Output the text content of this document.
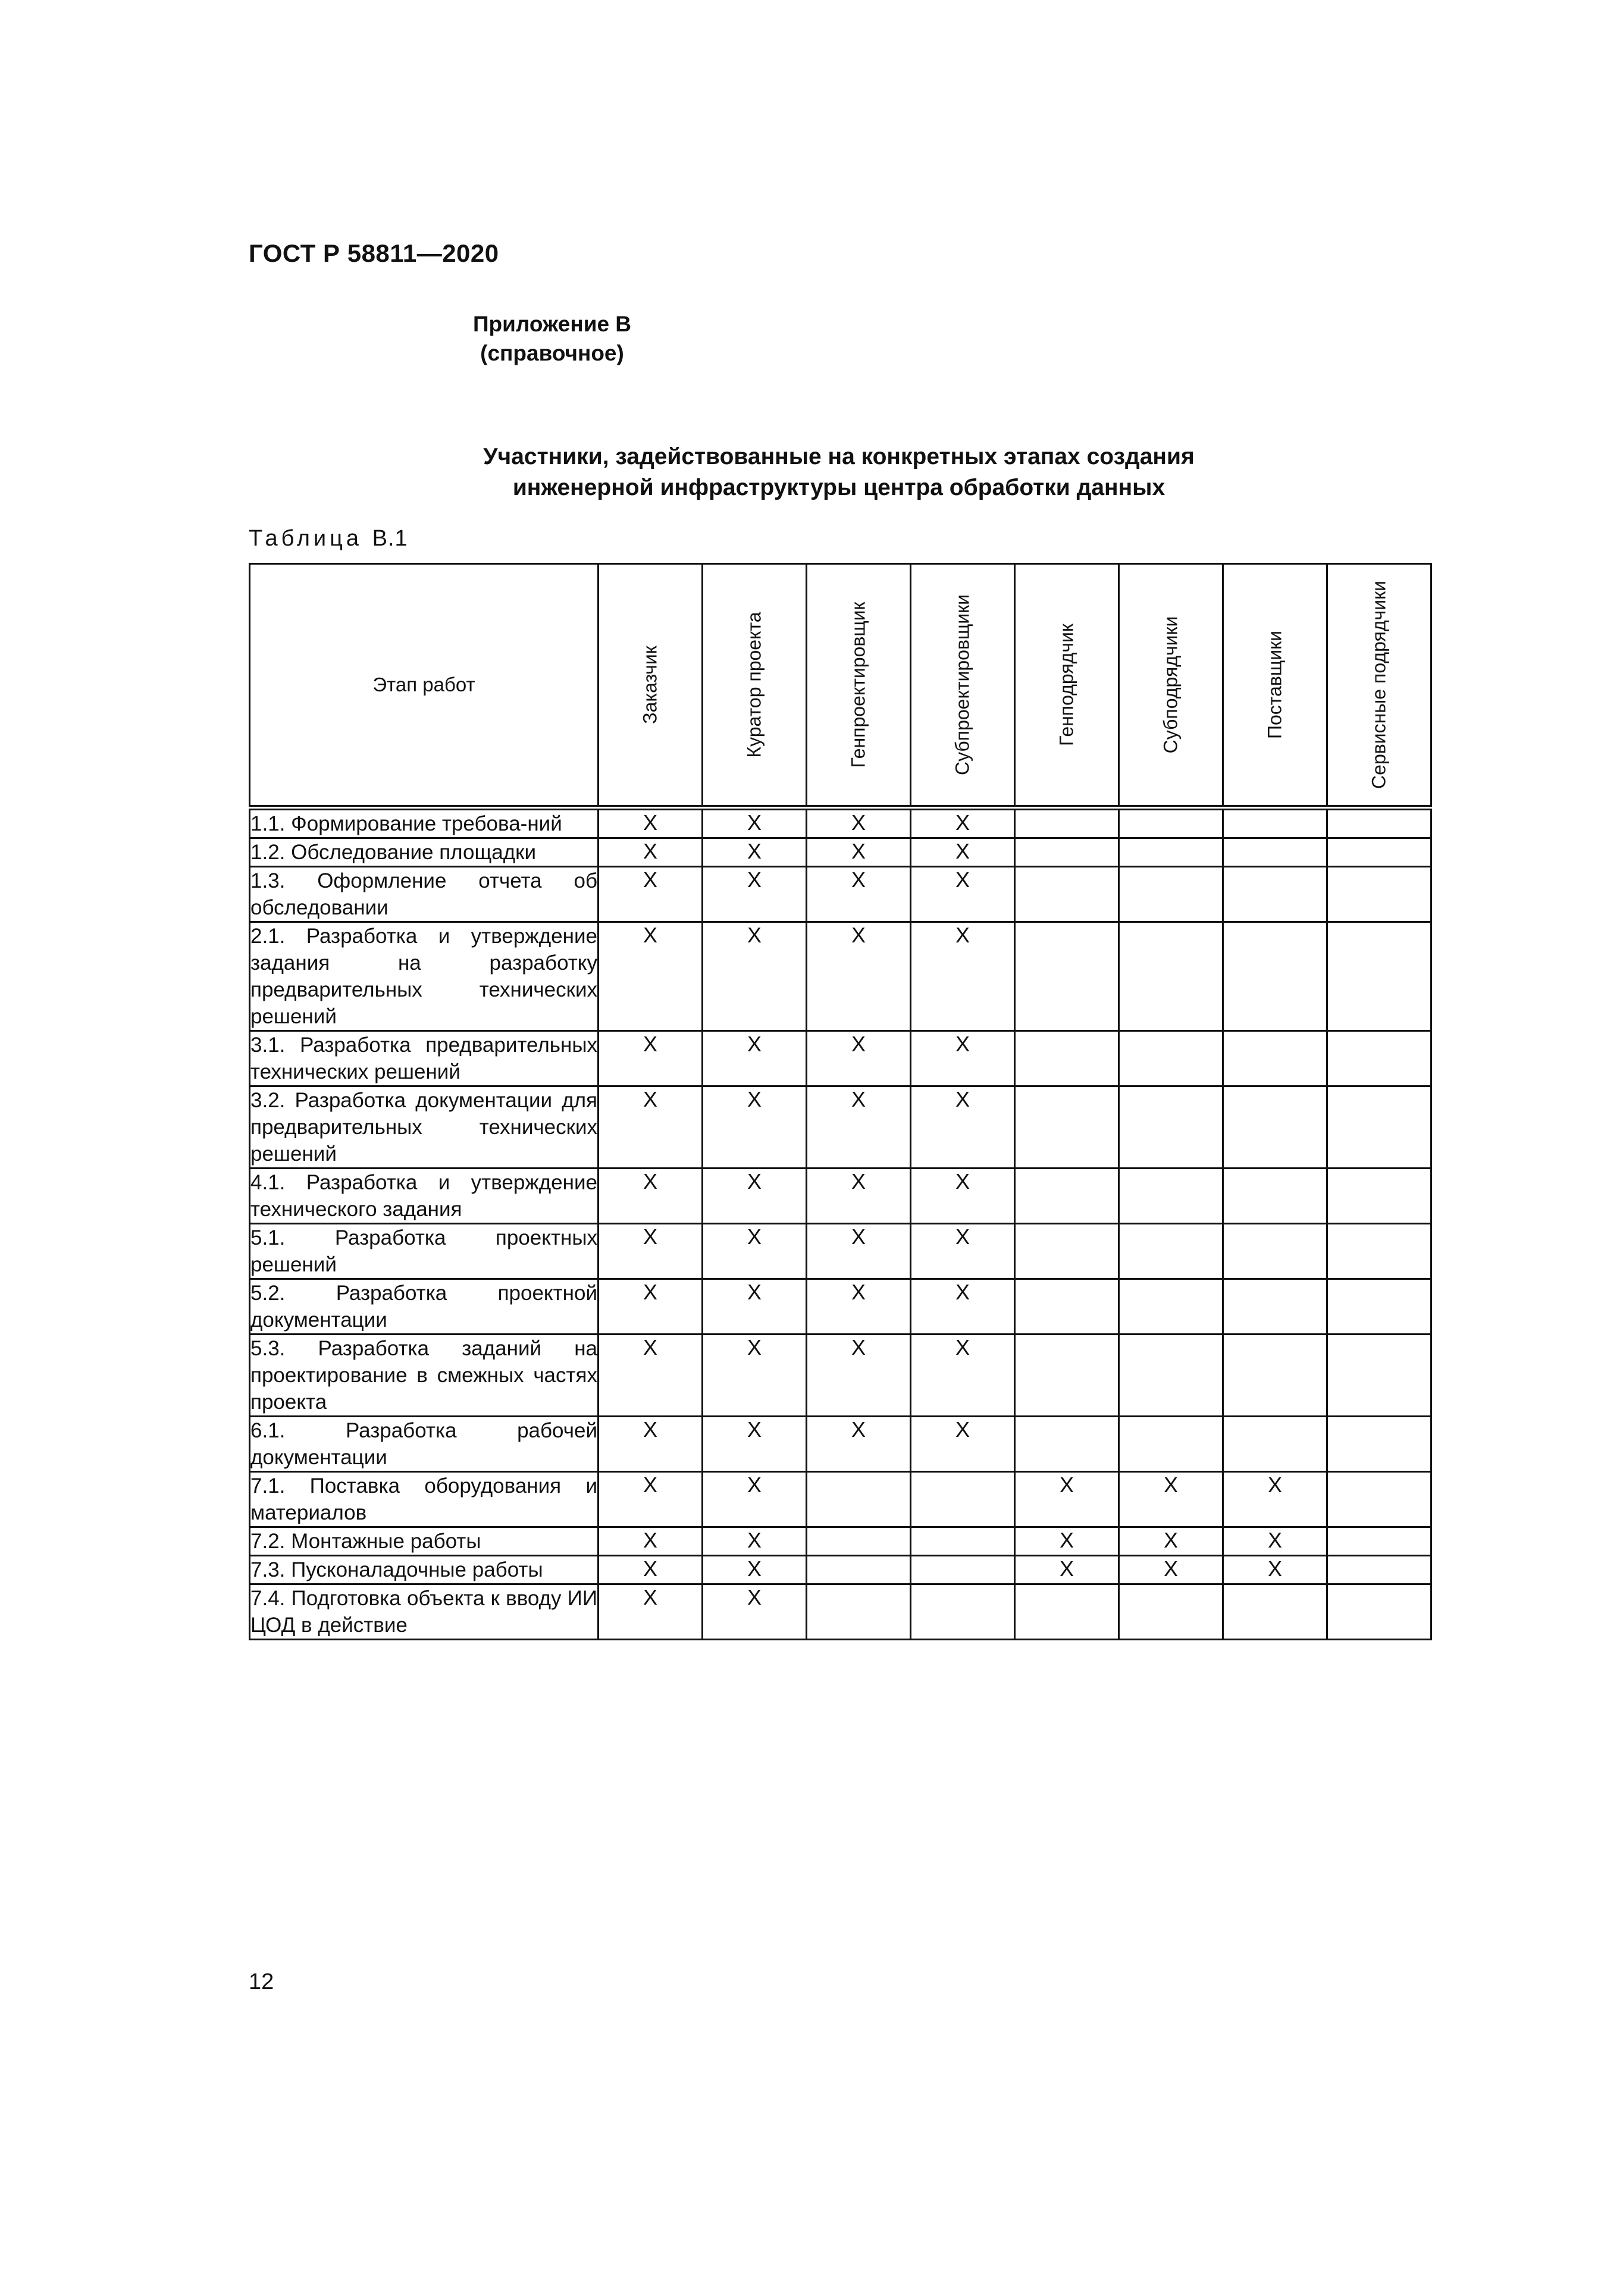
ГОСТ Р 58811—2020
Приложение В
(справочное)
Участники, задействованные на конкретных этапах создания
инженерной инфраструктуры центра обработки данных
Таблица В.1
Этап работ	Заказчик	Куратор проекта	Генпроектировщик	Субпроектировщики	Генподрядчик	Субподрядчики	Поставщики	Сервисные подрядчики

1.1. Формирование требова-ний	X	X	X	X				
1.2. Обследование площадки	X	X	X	X				
1.3. Оформление отчета об обследовании	X	X	X	X				
2.1. Разработка и утверждение задания на разработку предварительных технических решений	X	X	X	X				
3.1. Разработка предварительных технических решений	X	X	X	X				
3.2. Разработка документации для предварительных технических решений	X	X	X	X				
4.1. Разработка и утверждение технического задания	X	X	X	X				
5.1. Разработка проектных решений	X	X	X	X				
5.2. Разработка проектной документации	X	X	X	X				
5.3. Разработка заданий на проектирование в смежных частях проекта	X	X	X	X				
6.1. Разработка рабочей документации	X	X	X	X				
7.1. Поставка оборудования и материалов	X	X			X	X	X	
7.2. Монтажные работы	X	X			X	X	X	
7.3. Пусконаладочные работы	X	X			X	X	X	
7.4. Подготовка объекта к вводу ИИ ЦОД в действие	X	X						
12
